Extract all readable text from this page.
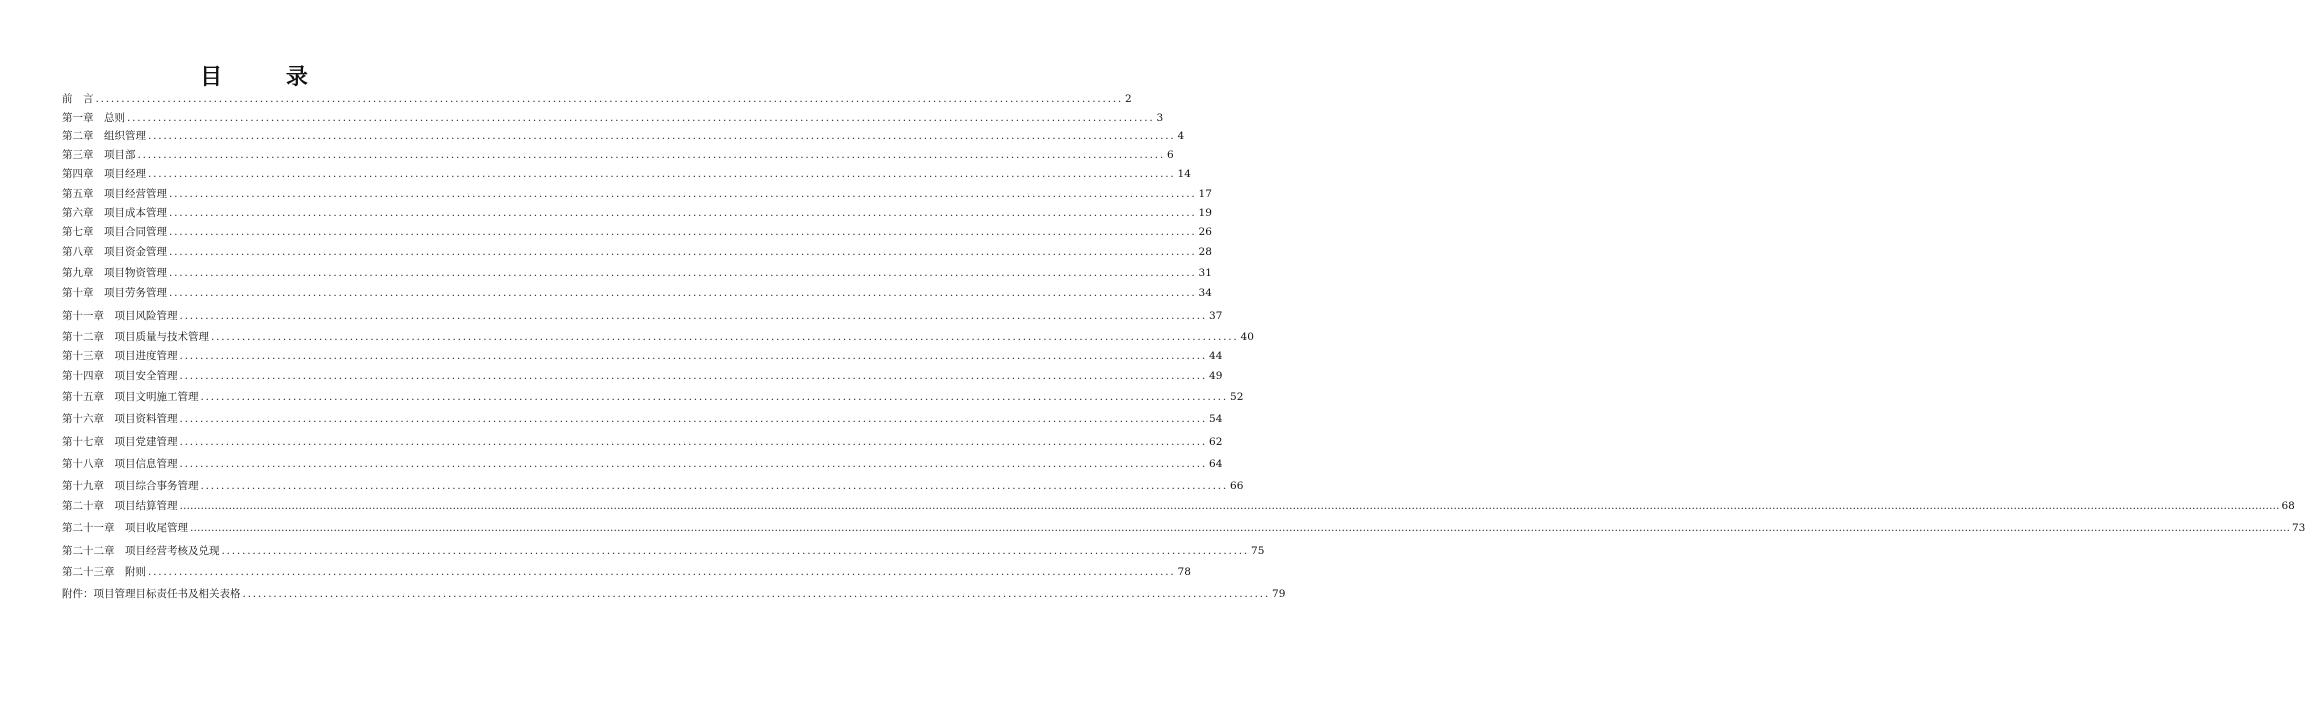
目 录
前　言 ........................................................................................................................................................................................................ 2
第一章　总则 ........................................................................................................................................................................................................ 3
第二章　组织管理 ........................................................................................................................................................................................................ 4
第三章　项目部 ........................................................................................................................................................................................................ 6
第四章　项目经理 ........................................................................................................................................................................................................ 14
第五章　项目经营管理 ........................................................................................................................................................................................................ 17
第六章　项目成本管理 ........................................................................................................................................................................................................ 19
第七章　项目合同管理 ........................................................................................................................................................................................................ 26
第八章　项目资金管理 ........................................................................................................................................................................................................ 28
第九章　项目物资管理 ........................................................................................................................................................................................................ 31
第十章　项目劳务管理 ........................................................................................................................................................................................................ 34
第十一章　项目风险管理 ........................................................................................................................................................................................................ 37
第十二章　项目质量与技术管理 ........................................................................................................................................................................................................ 40
第十三章　项目进度管理 ........................................................................................................................................................................................................ 44
第十四章　项目安全管理 ........................................................................................................................................................................................................ 49
第十五章　项目文明施工管理 ........................................................................................................................................................................................................ 52
第十六章　项目资料管理 ........................................................................................................................................................................................................ 54
第十七章　项目党建管理 ........................................................................................................................................................................................................ 62
第十八章　项目信息管理 ........................................................................................................................................................................................................ 64
第十九章　项目综合事务管理 ........................................................................................................................................................................................................ 66
第二十章　项目结算管理 …………………………………………………………………………………………………………………………………………………………………………………………………………………………………………………………………………………………………………………………………………………………………………………………………………………………………………………………………………………………………………………………………………………… 68
第二十一章　项目收尾管理 …………………………………………………………………………………………………………………………………………………………………………………………………………………………………………………………………………………………………………………………………………………………………………………………………………………………………………………………………………………………………………………………………………………… 73
第二十二章　项目经营考核及兑现 ........................................................................................................................................................................................................ 75
第二十三章　附则 ........................................................................................................................................................................................................ 78
附件：项目管理目标责任书及相关表格 ........................................................................................................................................................................................................ 79
